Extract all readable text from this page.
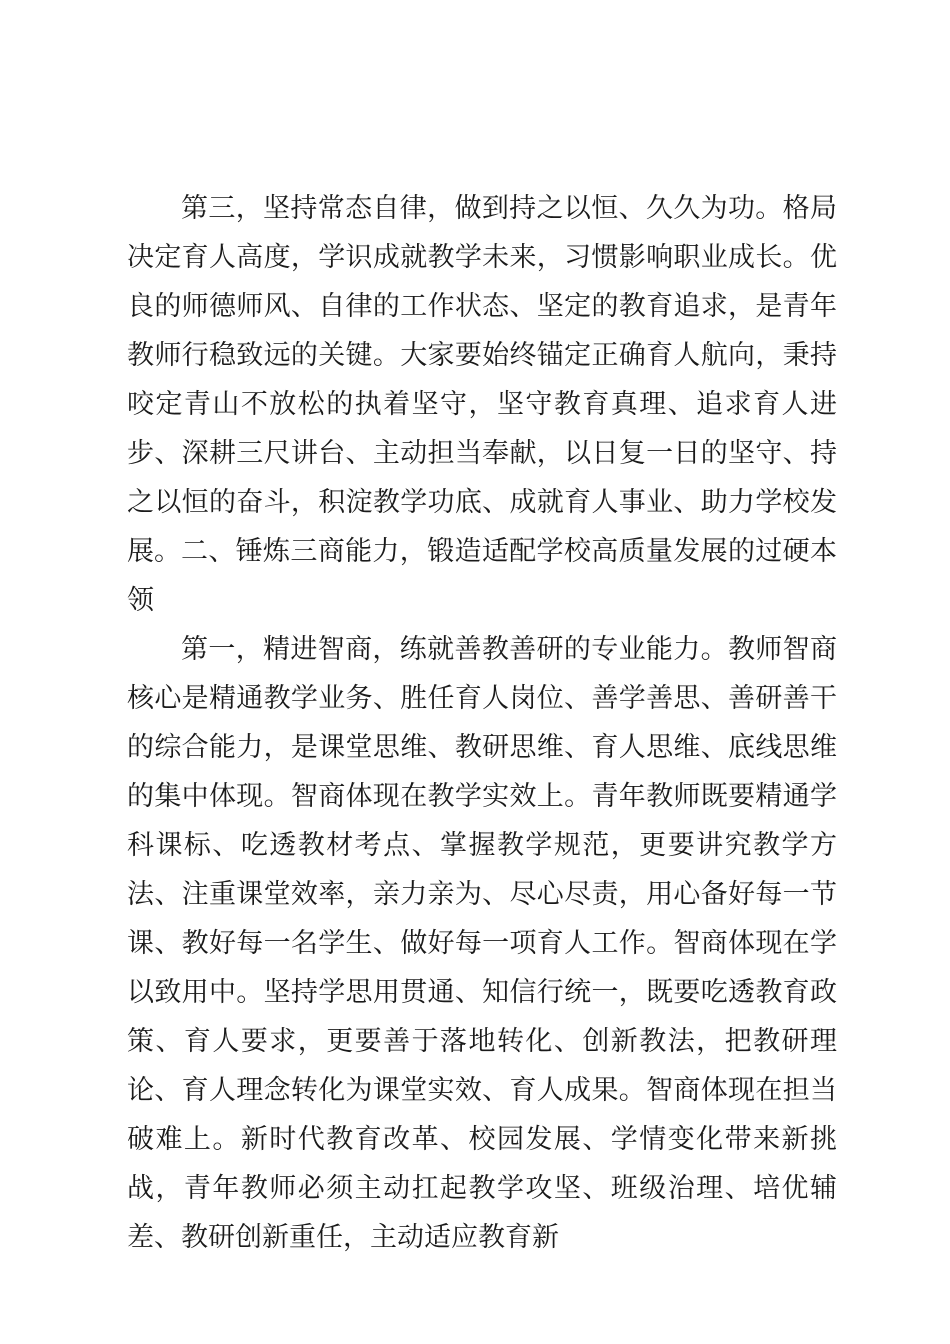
第三，坚持常态自律，做到持之以恒、久久为功。格局决定育人高度，学识成就教学未来，习惯影响职业成长。优良的师德师风、自律的工作状态、坚定的教育追求，是青年教师行稳致远的关键。大家要始终锚定正确育人航向，秉持咬定青山不放松的执着坚守，坚守教育真理、追求育人进步、深耕三尺讲台、主动担当奉献，以日复一日的坚守、持之以恒的奋斗，积淀教学功底、成就育人事业、助力学校发展。 二、锤炼三商能力，锻造适配学校高质量发展的过硬本领

第一，精进智商，练就善教善研的专业能力。教师智商核心是精通教学业务、胜任育人岗位、善学善思、善研善干的综合能力，是课堂思维、教研思维、育人思维、底线思维的集中体现。智商体现在教学实效上。青年教师既要精通学科课标、吃透教材考点、掌握教学规范，更要讲究教学方法、注重课堂效率，亲力亲为、尽心尽责，用心备好每一节课、教好每一名学生、做好每一项育人工作。智商体现在学以致用中。坚持学思用贯通、知信行统一，既要吃透教育政策、育人要求，更要善于落地转化、创新教法，把教研理论、育人理念转化为课堂实效、育人成果。智商体现在担当破难上。新时代教育改革、校园发展、学情变化带来新挑战，青年教师必须主动扛起教学攻坚、班级治理、培优辅差、教研创新重任，主动适应教育新
